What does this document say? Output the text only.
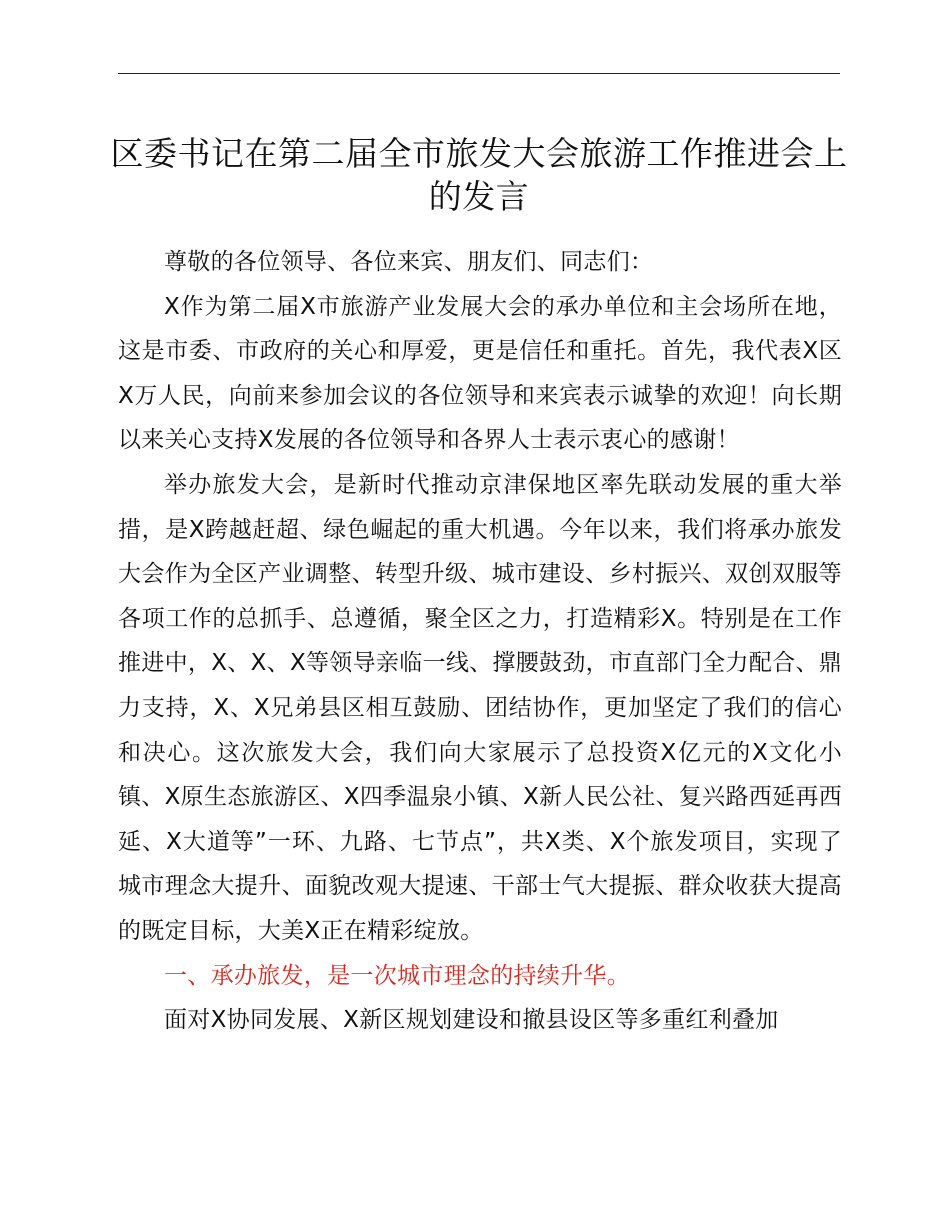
区委书记在第二届全市旅发大会旅游工作推进会上的发言

尊敬的各位领导、各位来宾、朋友们、同志们：

X作为第二届X市旅游产业发展大会的承办单位和主会场所在地，这是市委、市政府的关心和厚爱，更是信任和重托。首先，我代表X区X万人民，向前来参加会议的各位领导和来宾表示诚挚的欢迎！向长期以来关心支持X发展的各位领导和各界人士表示衷心的感谢！

举办旅发大会，是新时代推动京津保地区率先联动发展的重大举措，是X跨越赶超、绿色崛起的重大机遇。今年以来，我们将承办旅发大会作为全区产业调整、转型升级、城市建设、乡村振兴、双创双服等各项工作的总抓手、总遵循，聚全区之力，打造精彩X。特别是在工作推进中，X、X、X等领导亲临一线、撑腰鼓劲，市直部门全力配合、鼎力支持，X、X兄弟县区相互鼓励、团结协作，更加坚定了我们的信心和决心。这次旅发大会，我们向大家展示了总投资X亿元的X文化小镇、X原生态旅游区、X四季温泉小镇、X新人民公社、复兴路西延再西延、X大道等”一环、九路、七节点”，共X类、X个旅发项目，实现了城市理念大提升、面貌改观大提速、干部士气大提振、群众收获大提高的既定目标，大美X正在精彩绽放。

一、承办旅发，是一次城市理念的持续升华。

面对X协同发展、X新区规划建设和撤县设区等多重红利叠加
